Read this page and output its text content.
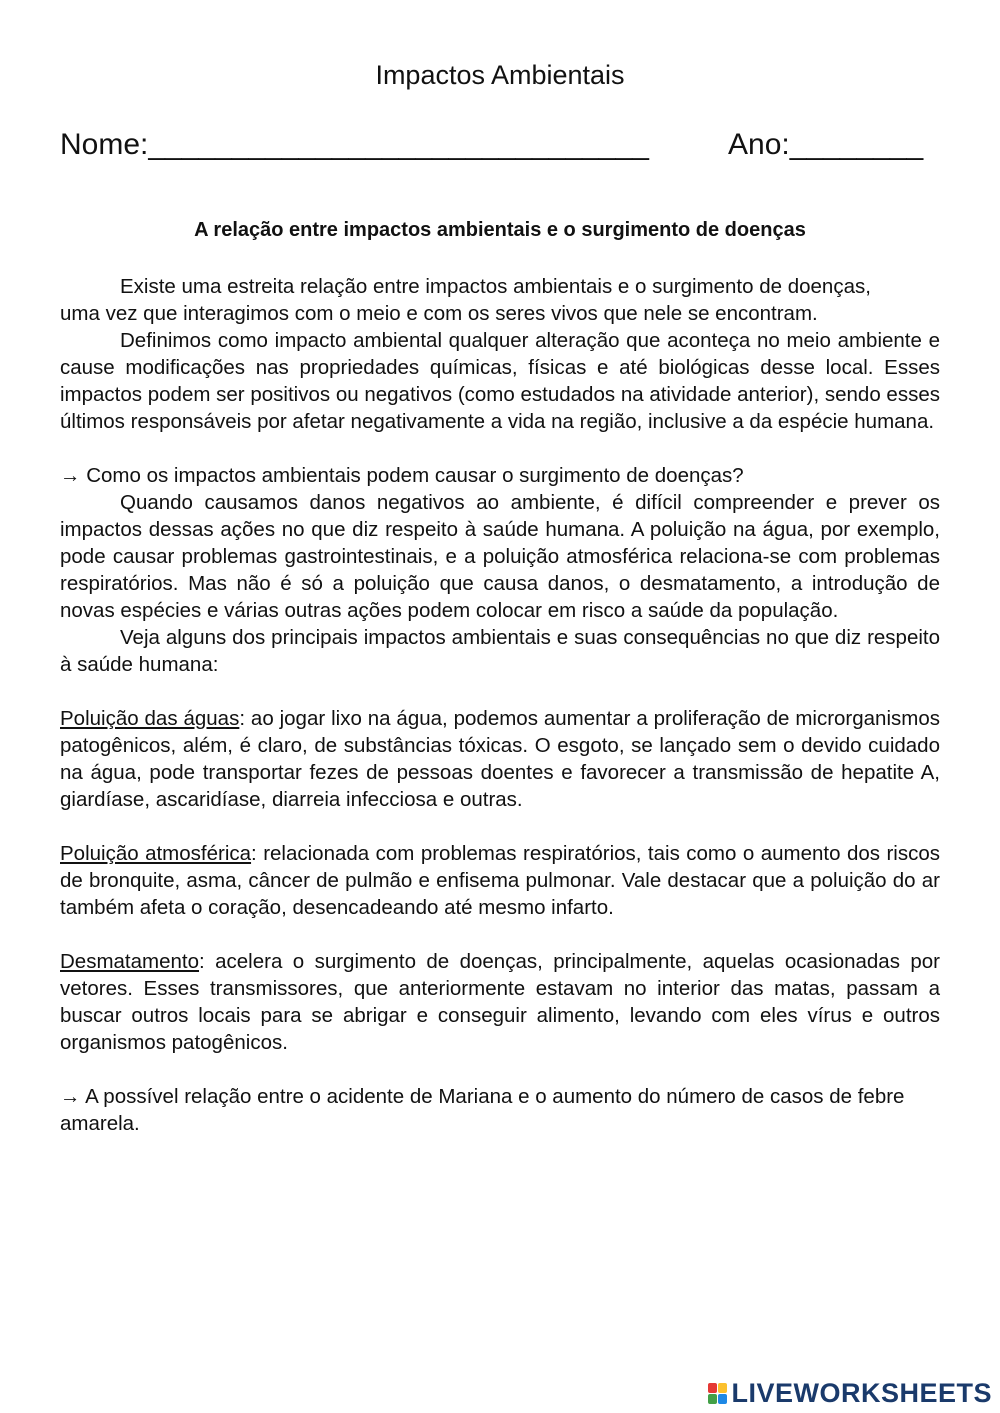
Impactos Ambientais
Nome:______________________________	Ano:________
A relação entre impactos ambientais e o surgimento de doenças

Existe uma estreita relação entre impactos ambientais e o surgimento de doenças,

uma vez que interagimos com o meio e com os seres vivos que nele se encontram.

Definimos como impacto ambiental qualquer alteração que aconteça no meio ambiente e cause modificações nas propriedades químicas, físicas e até biológicas desse local. Esses impactos podem ser positivos ou negativos (como estudados na atividade anterior), sendo esses últimos responsáveis por afetar negativamente a vida na região, inclusive a da espécie humana.

→ Como os impactos ambientais podem causar o surgimento de doenças?

Quando causamos danos negativos ao ambiente, é difícil compreender e prever os impactos dessas ações no que diz respeito à saúde humana. A poluição na água, por exemplo, pode causar problemas gastrointestinais, e a poluição atmosférica relaciona-se com problemas respiratórios. Mas não é só a poluição que causa danos, o desmatamento, a introdução de novas espécies e várias outras ações podem colocar em risco a saúde da população.

Veja alguns dos principais impactos ambientais e suas consequências no que diz respeito à saúde humana:

Poluição das águas: ao jogar lixo na água, podemos aumentar a proliferação de microrganismos patogênicos, além, é claro, de substâncias tóxicas. O esgoto, se lançado sem o devido cuidado na água, pode transportar fezes de pessoas doentes e favorecer a transmissão de hepatite A, giardíase, ascaridíase, diarreia infecciosa e outras.

Poluição atmosférica: relacionada com problemas respiratórios, tais como o aumento dos riscos de bronquite, asma, câncer de pulmão e enfisema pulmonar. Vale destacar que a poluição do ar também afeta o coração, desencadeando até mesmo infarto.

Desmatamento: acelera o surgimento de doenças, principalmente, aquelas ocasionadas por vetores. Esses transmissores, que anteriormente estavam no interior das matas, passam a buscar outros locais para se abrigar e conseguir alimento, levando com eles vírus e outros organismos patogênicos.

→ A possível relação entre o acidente de Mariana e o aumento do número de casos de febre amarela.

LIVEWORKSHEETS
